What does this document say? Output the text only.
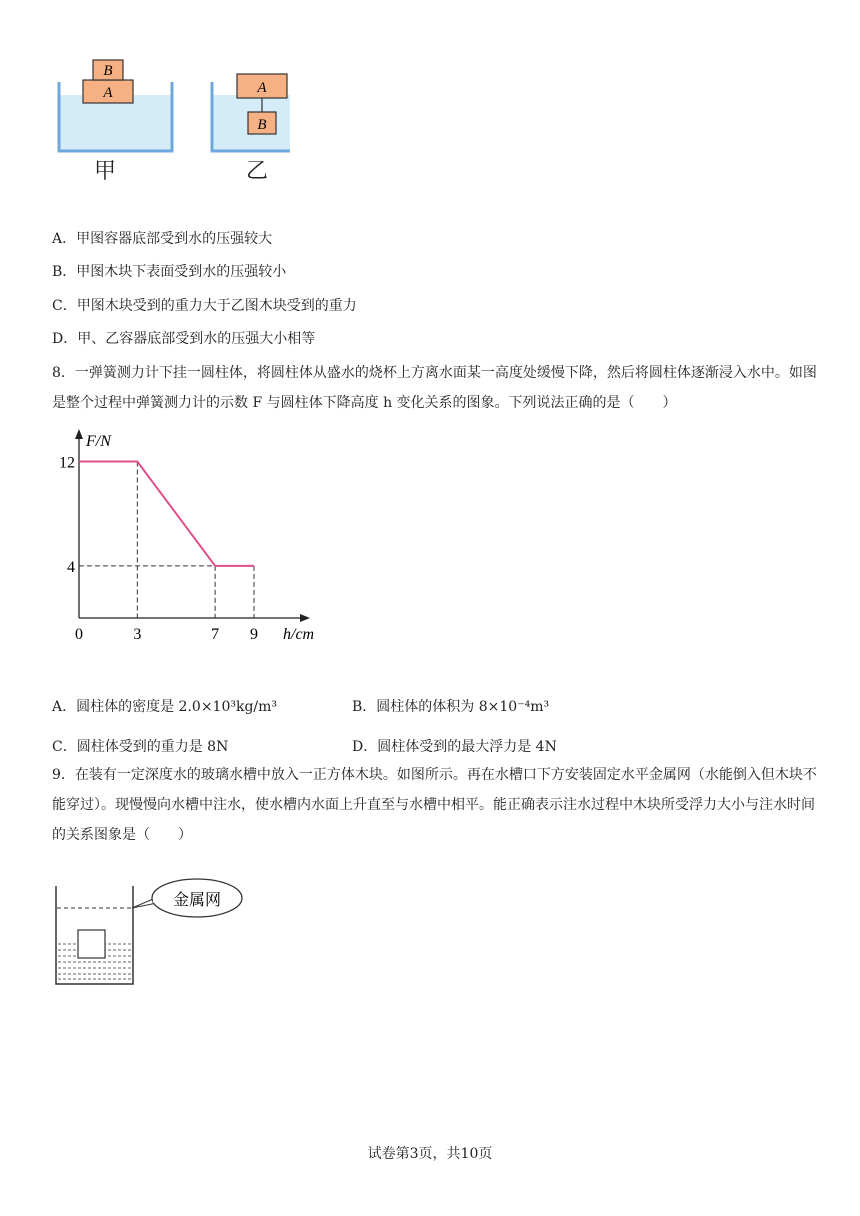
A
B
A
B
甲	乙
A．甲图容器底部受到水的压强较大
B．甲图木块下表面受到水的压强较小
C．甲图木块受到的重力大于乙图木块受到的重力
D．甲、乙容器底部受到水的压强大小相等
8．一弹簧测力计下挂一圆柱体，将圆柱体从盛水的烧杯上方离水面某一高度处缓慢下降，然后将圆柱体逐渐浸入水中。如图是整个过程中弹簧测力计的示数 F 与圆柱体下降高度 h 变化关系的图象。下列说法正确的是（　　）
0	3	7 9
12
4
F/N
h/cm
A．圆柱体的密度是 2.0×10³kg/m³	B．圆柱体的体积为 8×10⁻⁴m³
C．圆柱体受到的重力是 8N	D．圆柱体受到的最大浮力是 4N
9．在装有一定深度水的玻璃水槽中放入一正方体木块。如图所示。再在水槽口下方安装固定水平金属网（水能倒入但木块不能穿过）。现慢慢向水槽中注水，使水槽内水面上升直至与水槽中相平。能正确表示注水过程中木块所受浮力大小与注水时间的关系图象是（　　）
金属网
试卷第3页，共10页
